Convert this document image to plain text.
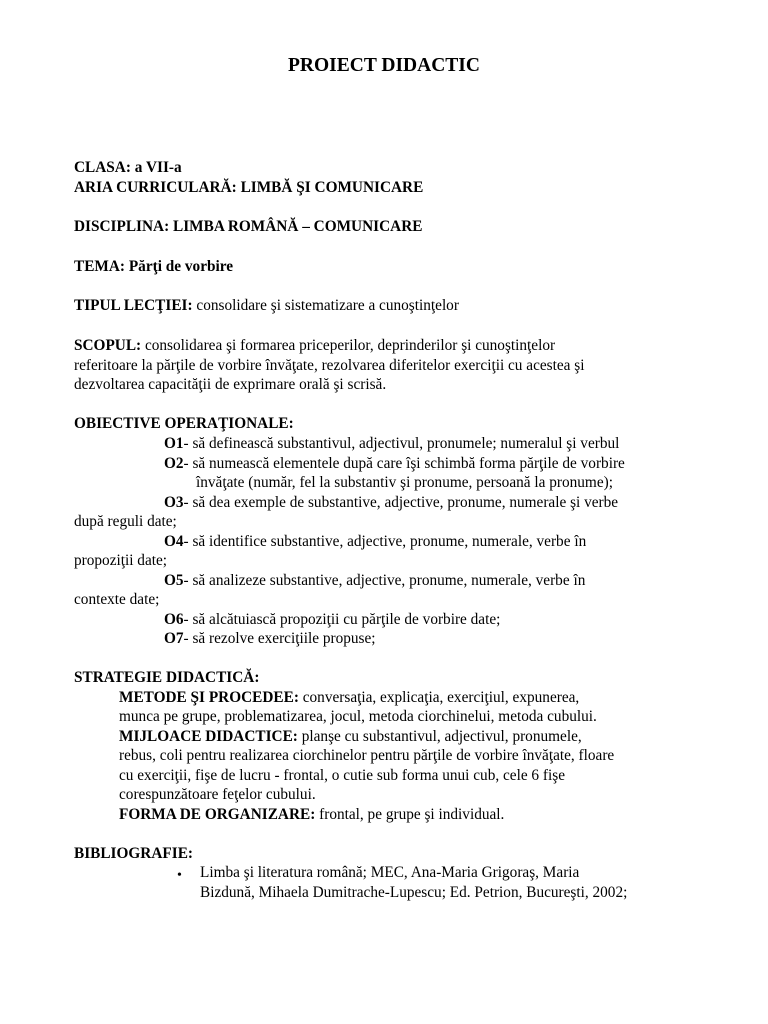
PROIECT DIDACTIC
CLASA: a VII-a
ARIA CURRICULARĂ: LIMBĂ ŞI COMUNICARE
DISCIPLINA: LIMBA ROMÂNĂ – COMUNICARE
TEMA: Părţi de vorbire
TIPUL LECŢIEI: consolidare şi sistematizare a cunoştinţelor
SCOPUL: consolidarea şi formarea priceperilor, deprinderilor şi cunoştinţelor
referitoare la părţile de vorbire învăţate, rezolvarea diferitelor exerciţii cu acestea şi
dezvoltarea capacităţii de exprimare orală şi scrisă.
OBIECTIVE OPERAŢIONALE:
O1- să definească substantivul, adjectivul, pronumele; numeralul şi verbul
O2- să numească elementele după care îşi schimbă forma părţile de vorbire
învăţate (număr, fel la substantiv şi pronume, persoană la pronume);
O3- să dea exemple de substantive, adjective, pronume, numerale şi verbe
după reguli date;
O4- să identifice substantive, adjective, pronume, numerale, verbe în
propoziţii date;
O5- să analizeze substantive, adjective, pronume, numerale, verbe în
contexte date;
O6- să alcătuiască propoziţii cu părţile de vorbire date;
O7- să rezolve exerciţiile propuse;
STRATEGIE DIDACTICĂ:
METODE ŞI PROCEDEE: conversaţia, explicaţia, exerciţiul, expunerea,
munca pe grupe, problematizarea, jocul, metoda ciorchinelui, metoda cubului.
MIJLOACE DIDACTICE: planşe cu substantivul, adjectivul, pronumele,
rebus, coli pentru realizarea ciorchinelor pentru părţile de vorbire învăţate, floare
cu exerciţii, fişe de lucru - frontal, o cutie sub forma unui cub, cele 6 fişe
corespunzătoare feţelor cubului.
FORMA DE ORGANIZARE: frontal, pe grupe şi individual.
BIBLIOGRAFIE:
• Limba şi literatura română; MEC, Ana-Maria Grigoraş, Maria
Bizdună, Mihaela Dumitrache-Lupescu; Ed. Petrion, Bucureşti, 2002;
